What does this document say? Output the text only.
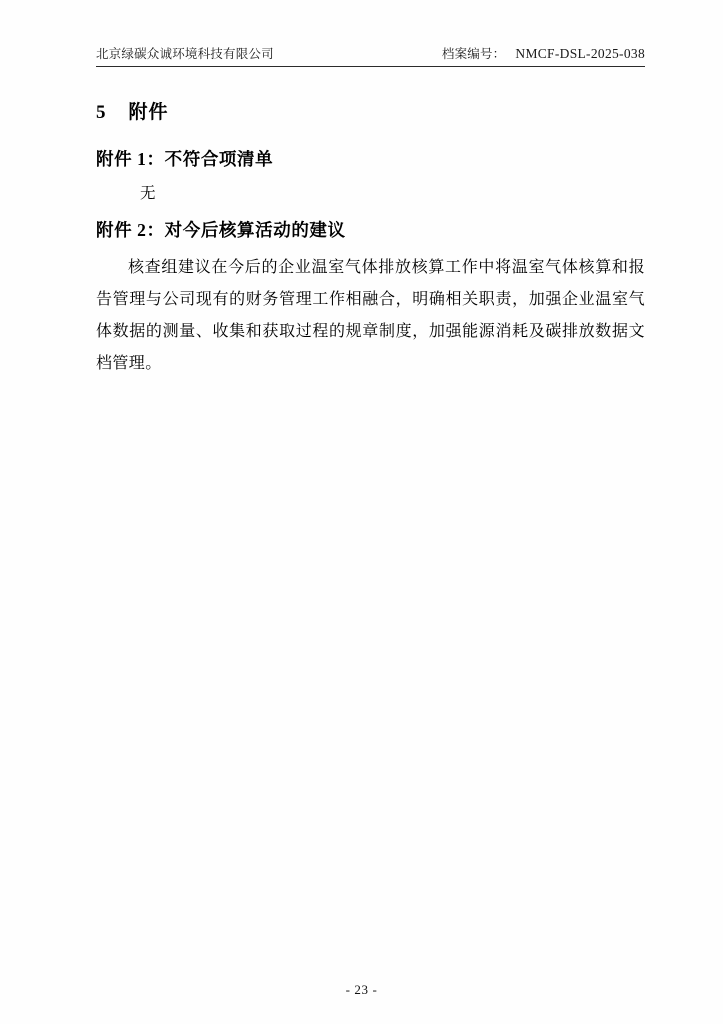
北京绿碳众诚环境科技有限公司	档案编号： NMCF-DSL-2025-038
5 附件
附件 1：不符合项清单

无

附件 2：对今后核算活动的建议

核查组建议在今后的企业温室气体排放核算工作中将温室气体核算和报告管理与公司现有的财务管理工作相融合，明确相关职责，加强企业温室气体数据的测量、收集和获取过程的规章制度，加强能源消耗及碳排放数据文档管理。

- 23 -
